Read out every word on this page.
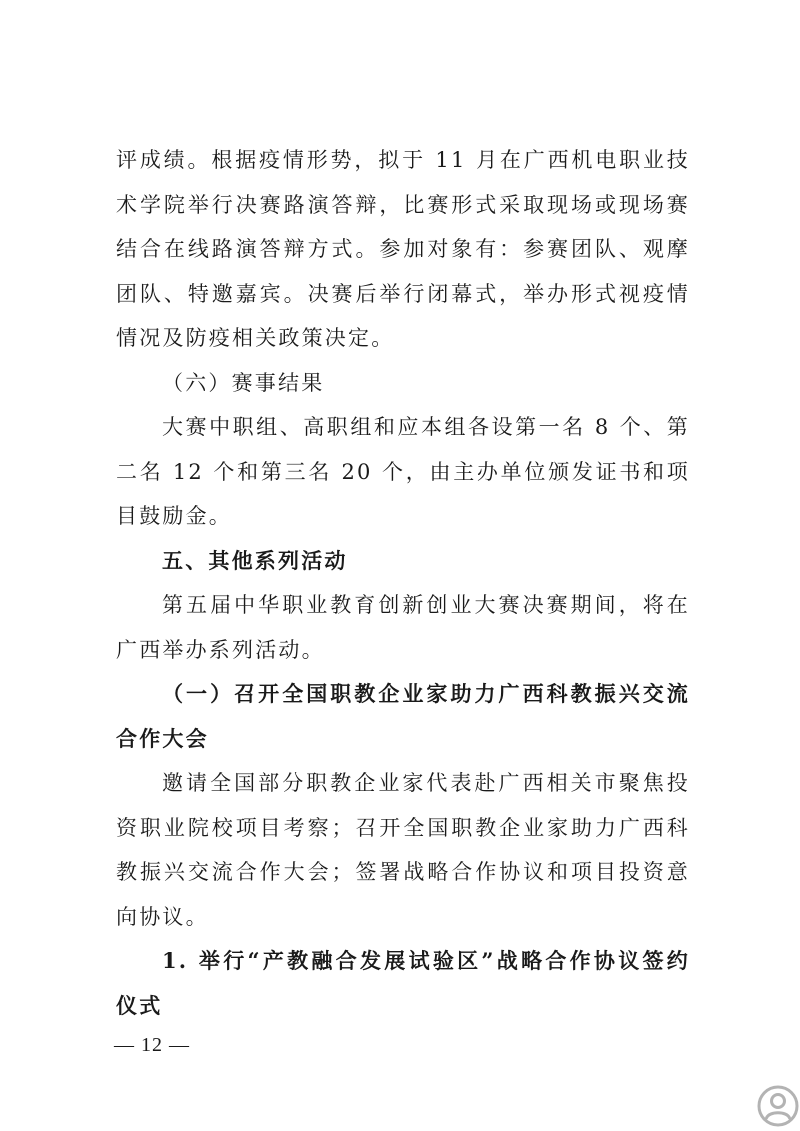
评成绩。根据疫情形势，拟于 11 月在广西机电职业技术学院举行决赛路演答辩，比赛形式采取现场或现场赛结合在线路演答辩方式。参加对象有：参赛团队、观摩团队、特邀嘉宾。决赛后举行闭幕式，举办形式视疫情情况及防疫相关政策决定。

（六）赛事结果

大赛中职组、高职组和应本组各设第一名 8 个、第二名 12 个和第三名 20 个，由主办单位颁发证书和项目鼓励金。

五、其他系列活动

第五届中华职业教育创新创业大赛决赛期间，将在广西举办系列活动。

（一）召开全国职教企业家助力广西科教振兴交流合作大会

邀请全国部分职教企业家代表赴广西相关市聚焦投资职业院校项目考察；召开全国职教企业家助力广西科教振兴交流合作大会；签署战略合作协议和项目投资意向协议。

1. 举行“产教融合发展试验区”战略合作协议签约仪式

— 12 —
